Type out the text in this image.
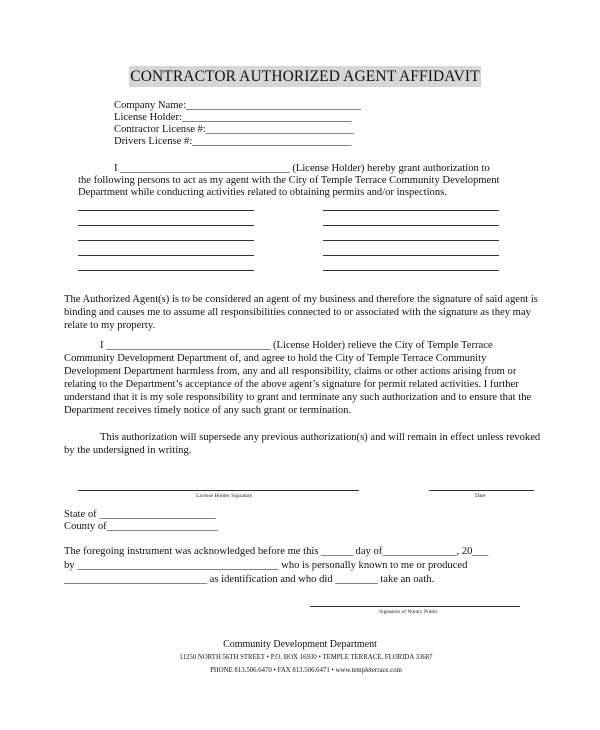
CONTRACTOR AUTHORIZED AGENT AFFIDAVIT
Company Name:_________________________________
License Holder:________________________________
Contractor License #:____________________________
Drivers License #:______________________________
I ________________________________ (License Holder) hereby grant authorization to
the following persons to act as my agent with the City of Temple Terrace Community Development
Department while conducting activities related to obtaining permits and/or inspections.
The Authorized Agent(s) is to be considered an agent of my business and therefore the signature of said agent is
binding and causes me to assume all responsibilities connected to or associated with the signature as they may
relate to my property.
I _______________________________ (License Holder) relieve the City of Temple Terrace
Community Development Department of, and agree to hold the City of Temple Terrace Community
Development Department harmless from, any and all responsibility, claims or other actions arising from or
relating to the Department’s acceptance of the above agent’s signature for permit related activities. I further
understand that it is my sole responsibility to grant and terminate any such authorization and to ensure that the
Department receives timely notice of any such grant or termination.
This authorization will supersede any previous authorization(s) and will remain in effect unless revoked
by the undersigned in writing.
License Holder Signature	Date
State of ______________________
County of_____________________
The foregoing instrument was acknowledged before me this ______ day of______________, 20___
by ______________________________________ who is personally known to me or produced
___________________________ as identification and who did ________ take an oath.
Signature of Notary Public
Community Development Department
11250 NORTH 56TH STREET • P.O. BOX 16930 • TEMPLE TERRACE, FLORIDA 33687
PHONE 813.506.6470 • FAX 813.506.6471 • www.templeterrace.com
